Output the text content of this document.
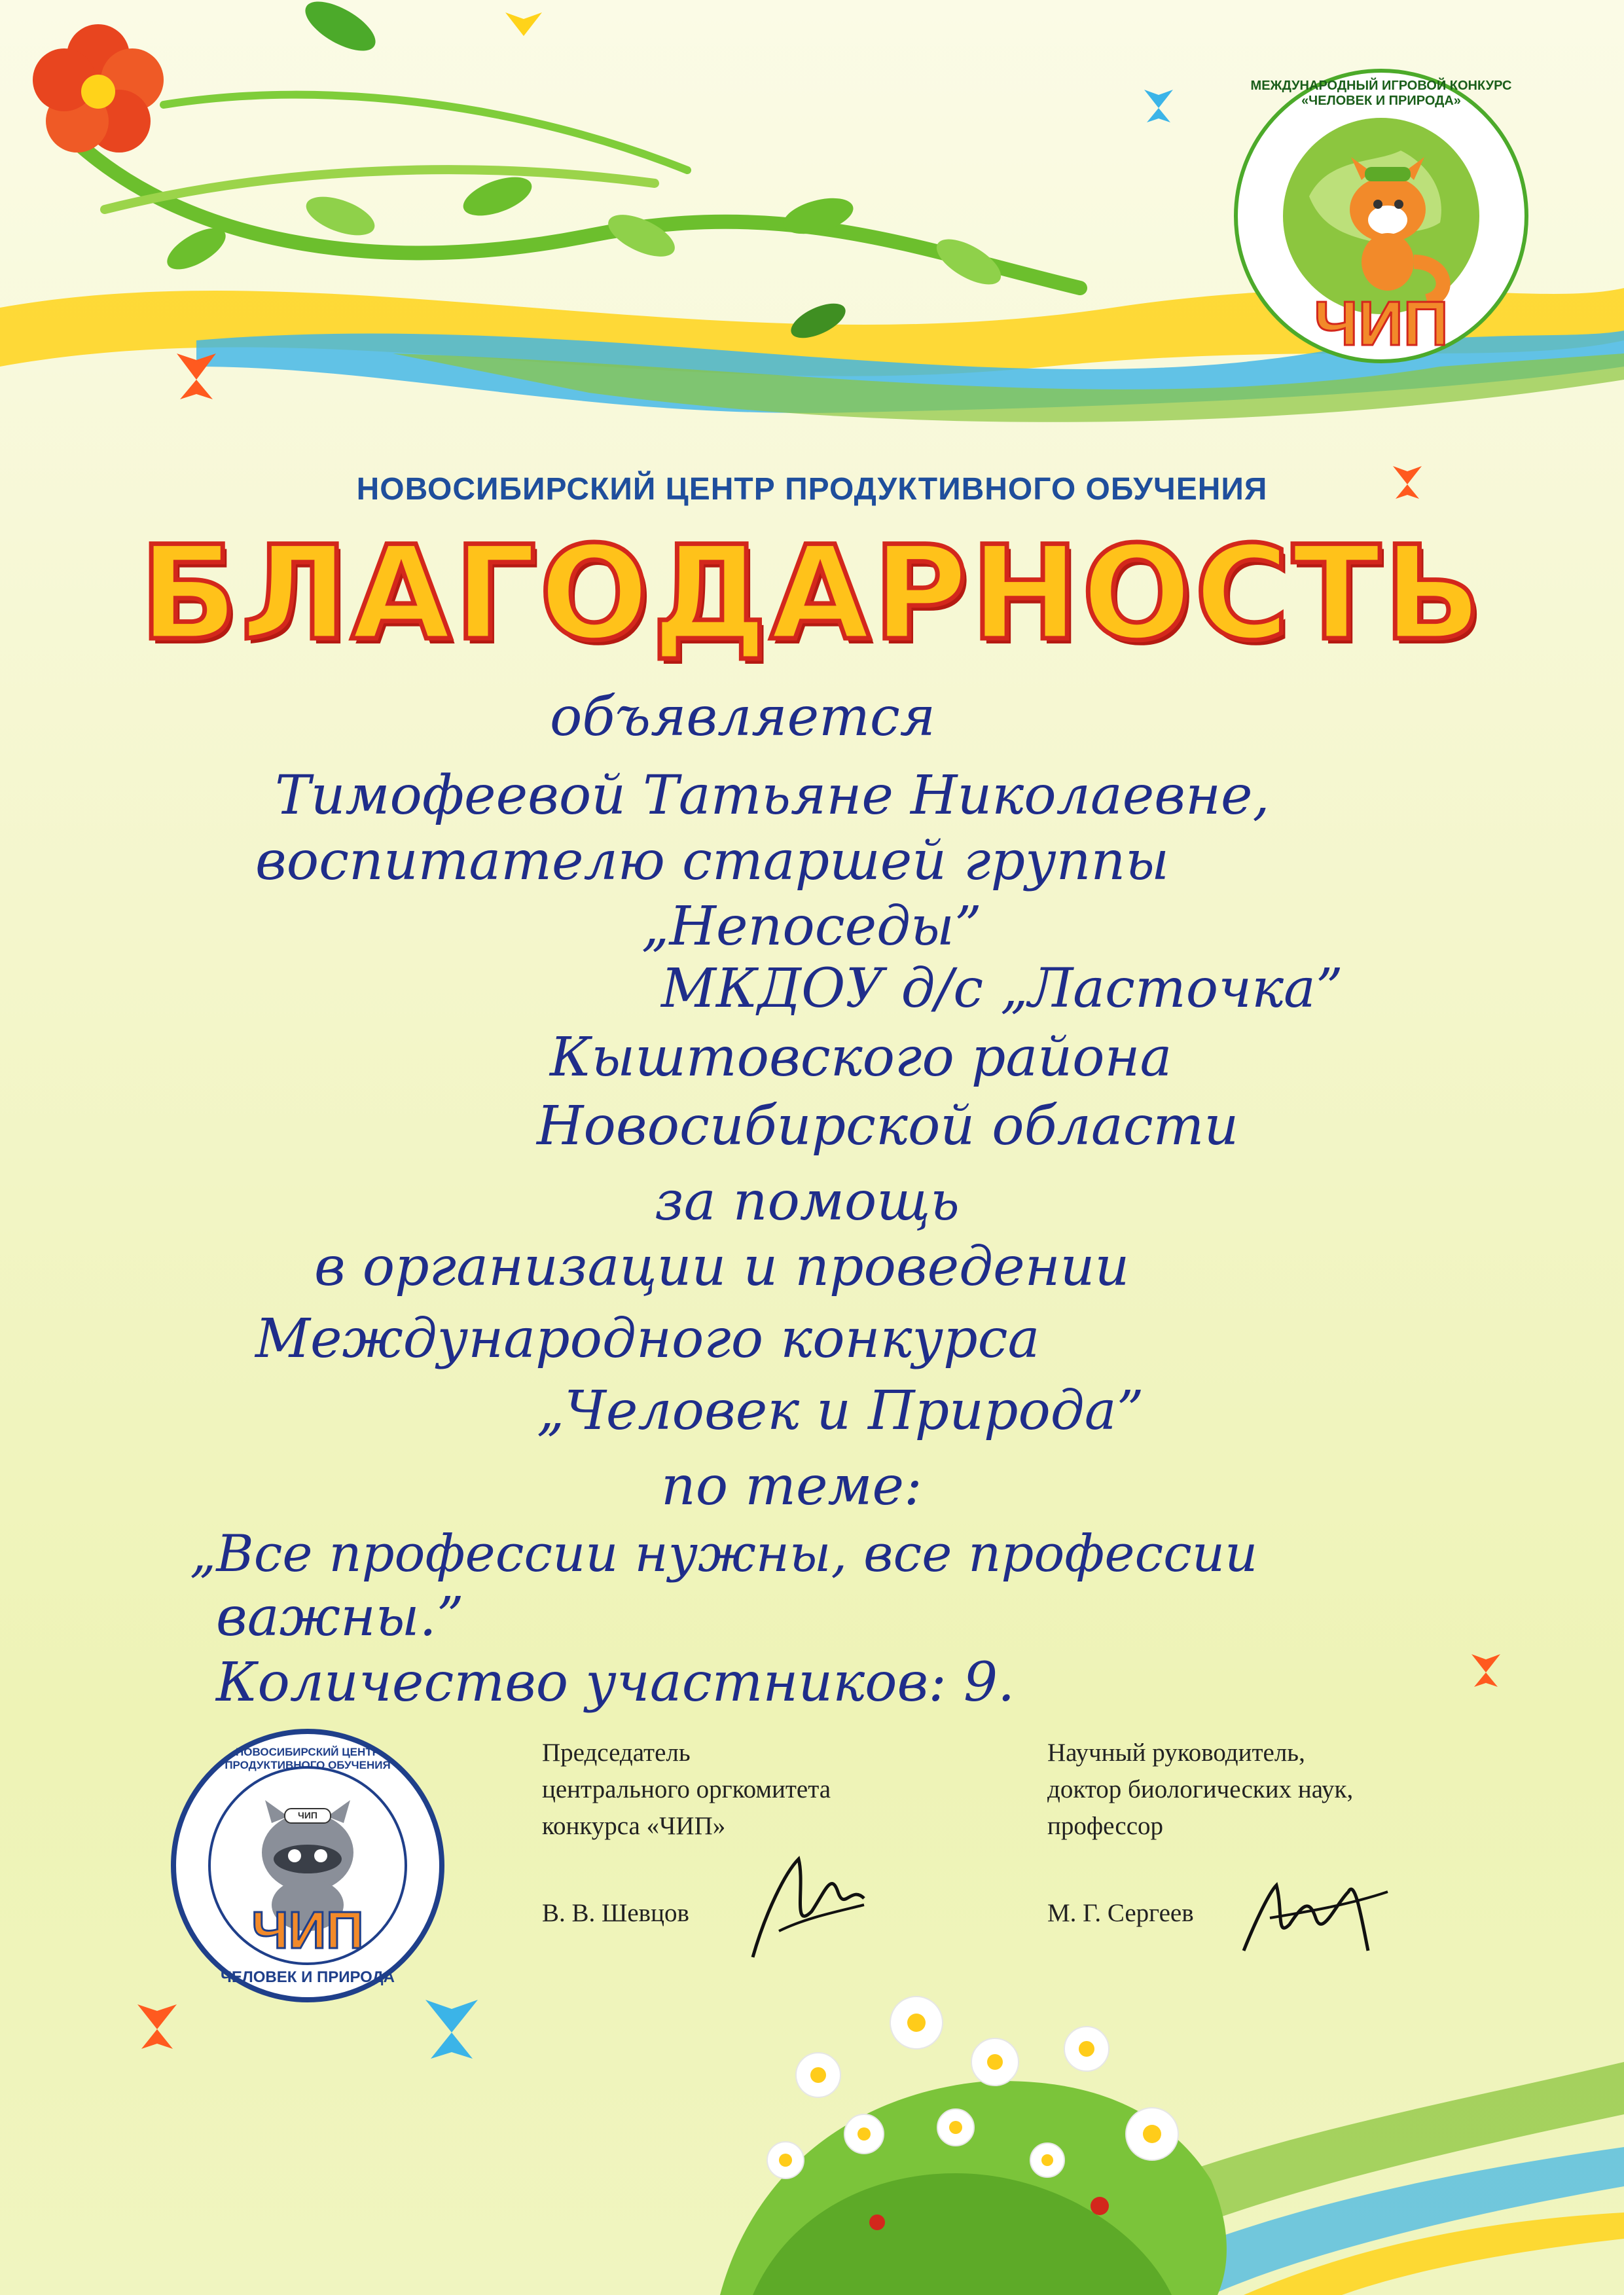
МЕЖДУНАРОДНЫЙ ИГРОВОЙ КОНКУРС «ЧЕЛОВЕК И ПРИРОДА»
ЧИП
НОВОСИБИРСКИЙ ЦЕНТР ПРОДУКТИВНОГО ОБУЧЕНИЯ
БЛАГОДАРНОСТЬ
объявляется
Тимофеевой Татьяне Николаевне,
воспитателю старшей группы
„Непоседы”
МКДОУ д/с „Ласточка”
Кыштовского района
Новосибирской области
за помощь
в организации и проведении
Международного конкурса
„Человек и Природа”
по теме:
„Все профессии нужны, все профессии
важны.”
Количество участников: 9.
НОВОСИБИРСКИЙ ЦЕНТР ПРОДУКТИВНОГО ОБУЧЕНИЯ
ЧИП
ЧИП
ЧЕЛОВЕК И ПРИРОДА
Председатель
центрального оргкомитета
конкурса «ЧИП»
В. В. Шевцов
Научный руководитель,
доктор биологических наук,
профессор
М. Г. Сергеев
